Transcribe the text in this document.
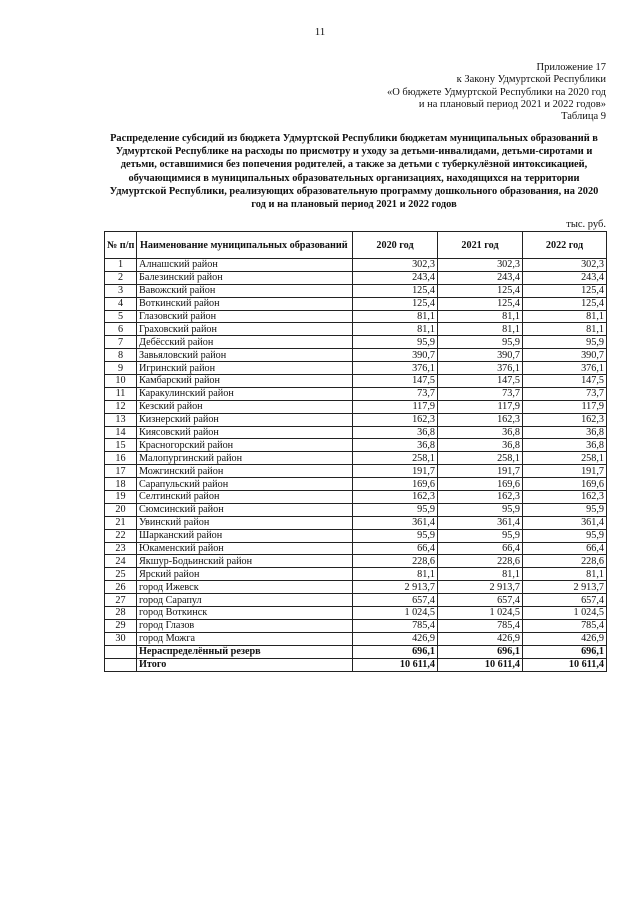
11
Приложение 17
к Закону Удмуртской Республики
«О бюджете Удмуртской Республики на 2020 год
и на плановый период 2021 и 2022 годов»
Таблица 9
Распределение субсидий из бюджета Удмуртской Республики бюджетам муниципальных образований в Удмуртской Республике на расходы по присмотру и уходу за детьми-инвалидами, детьми-сиротами и детьми, оставшимися без попечения родителей, а также за детьми с туберкулёзной интоксикацией, обучающимися в муниципальных образовательных организациях, находящихся на территории Удмуртской Республики, реализующих образовательную программу дошкольного образования, на 2020 год и на плановый период 2021 и 2022 годов
тыс. руб.
№ п/п	Наименование муниципальных образований	2020 год	2021 год	2022 год
1	Алнашский район	302,3	302,3	302,3
2	Балезинский район	243,4	243,4	243,4
3	Вавожский район	125,4	125,4	125,4
4	Воткинский район	125,4	125,4	125,4
5	Глазовский район	81,1	81,1	81,1
6	Граховский район	81,1	81,1	81,1
7	Дебёсский район	95,9	95,9	95,9
8	Завьяловский район	390,7	390,7	390,7
9	Игринский район	376,1	376,1	376,1
10	Камбарский район	147,5	147,5	147,5
11	Каракулинский район	73,7	73,7	73,7
12	Кезский район	117,9	117,9	117,9
13	Кизнерский район	162,3	162,3	162,3
14	Киясовский район	36,8	36,8	36,8
15	Красногорский район	36,8	36,8	36,8
16	Малопургинский район	258,1	258,1	258,1
17	Можгинский район	191,7	191,7	191,7
18	Сарапульский район	169,6	169,6	169,6
19	Селтинский район	162,3	162,3	162,3
20	Сюмсинский район	95,9	95,9	95,9
21	Увинский район	361,4	361,4	361,4
22	Шарканский район	95,9	95,9	95,9
23	Юкаменский район	66,4	66,4	66,4
24	Якшур-Бодьинский район	228,6	228,6	228,6
25	Ярский район	81,1	81,1	81,1
26	город Ижевск	2 913,7	2 913,7	2 913,7
27	город Сарапул	657,4	657,4	657,4
28	город Воткинск	1 024,5	1 024,5	1 024,5
29	город Глазов	785,4	785,4	785,4
30	город Можга	426,9	426,9	426,9
	Нераспределённый резерв	696,1	696,1	696,1
	Итого	10 611,4	10 611,4	10 611,4
